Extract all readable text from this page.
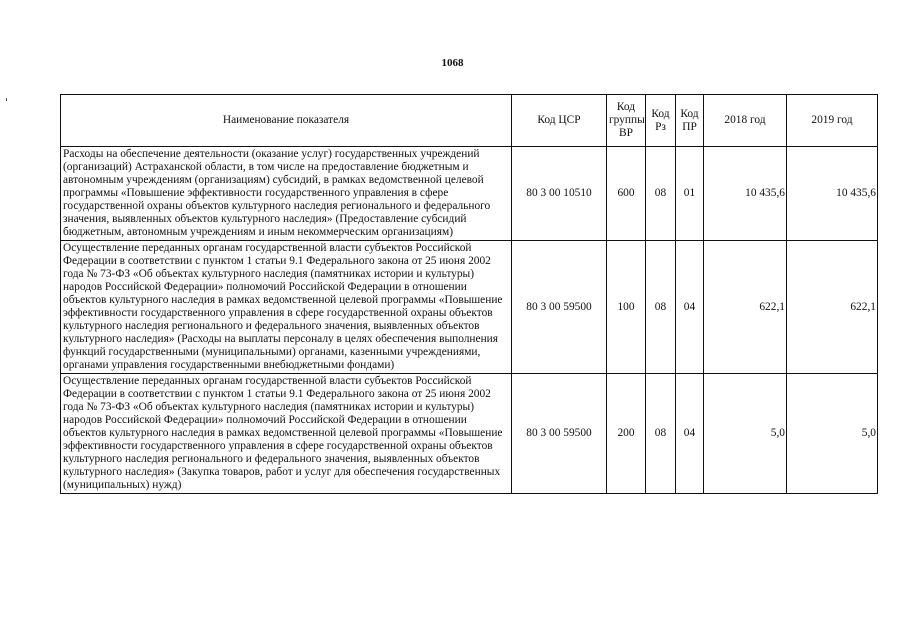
1068
Наименование показателя	Код ЦСР	Код группы ВР	Код Рз	Код ПР	2018 год	2019 год
Расходы на обеспечение деятельности (оказание услуг) государственных учреждений (организаций) Астраханской области, в том числе на предоставление бюджетным и автономным учреждениям (организациям) субсидий, в рамках ведомственной целевой программы «Повышение эффективности государственного управления в сфере государственной охраны объектов культурного наследия регионального и федерального значения, выявленных объектов культурного наследия» (Предоставление субсидий бюджетным, автономным учреждениям и иным некоммерческим организациям)	80 3 00 10510	600	08	01	10 435,6	10 435,6
Осуществление переданных органам государственной власти субъектов Российской Федерации в соответствии с пунктом 1 статьи 9.1 Федерального закона от 25 июня 2002 года № 73-ФЗ «Об объектах культурного наследия (памятниках истории и культуры) народов Российской Федерации» полномочий Российской Федерации в отношении объектов культурного наследия в рамках ведомственной целевой программы «Повышение эффективности государственного управления в сфере государственной охраны объектов культурного наследия регионального и федерального значения, выявленных объектов культурного наследия» (Расходы на выплаты персоналу в целях обеспечения выполнения функций государственными (муниципальными) органами, казенными учреждениями, органами управления государственными внебюджетными фондами)	80 3 00 59500	100	08	04	622,1	622,1
Осуществление переданных органам государственной власти субъектов Российской Федерации в соответствии с пунктом 1 статьи 9.1 Федерального закона от 25 июня 2002 года № 73-ФЗ «Об объектах культурного наследия (памятниках истории и культуры) народов Российской Федерации» полномочий Российской Федерации в отношении объектов культурного наследия в рамках ведомственной целевой программы «Повышение эффективности государственного управления в сфере государственной охраны объектов культурного наследия регионального и федерального значения, выявленных объектов культурного наследия» (Закупка товаров, работ и услуг для обеспечения государственных (муниципальных) нужд)	80 3 00 59500	200	08	04	5,0	5,0
